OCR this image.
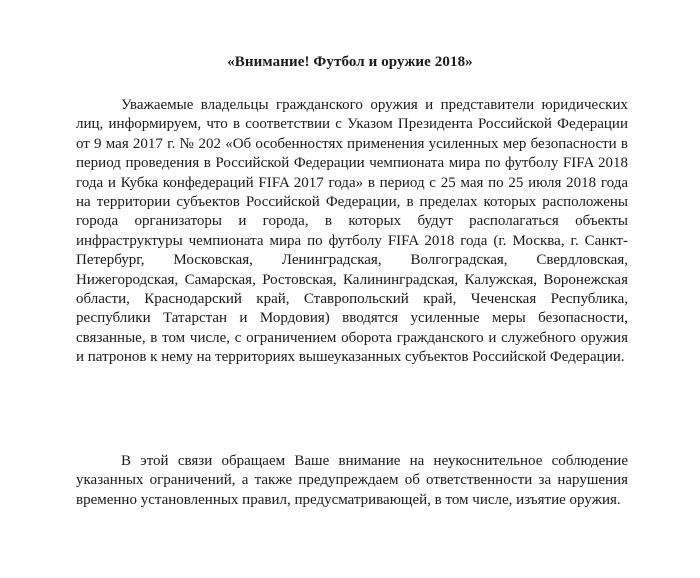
«Внимание! Футбол и оружие 2018»

Уважаемые владельцы гражданского оружия и представители юридических лиц, информируем, что в соответствии с Указом Президента Российской Федерации от 9 мая 2017 г. № 202 «Об особенностях применения усиленных мер безопасности в период проведения в Российской Федерации чемпионата мира по футболу FIFA 2018 года и Кубка конфедераций FIFA 2017 года» в период с 25 мая по 25 июля 2018 года на территории субъектов Российской Федерации, в пределах которых расположены города организаторы и города, в которых будут располагаться объекты инфраструктуры чемпионата мира по футболу FIFA 2018 года (г. Москва, г. Санкт-Петербург, Московская, Ленинградская, Волгоградская, Свердловская, Нижегородская, Самарская, Ростовская, Калининградская, Калужская, Воронежская области, Краснодарский край, Ставропольский край, Чеченская Республика, республики Татарстан и Мордовия) вводятся усиленные меры безопасности, связанные, в том числе, с ограничением оборота гражданского и служебного оружия и патронов к нему на территориях вышеуказанных субъектов Российской Федерации.

В этой связи обращаем Ваше внимание на неукоснительное соблюдение указанных ограничений, а также предупреждаем об ответственности за нарушения временно установленных правил, предусматривающей, в том числе, изъятие оружия.
